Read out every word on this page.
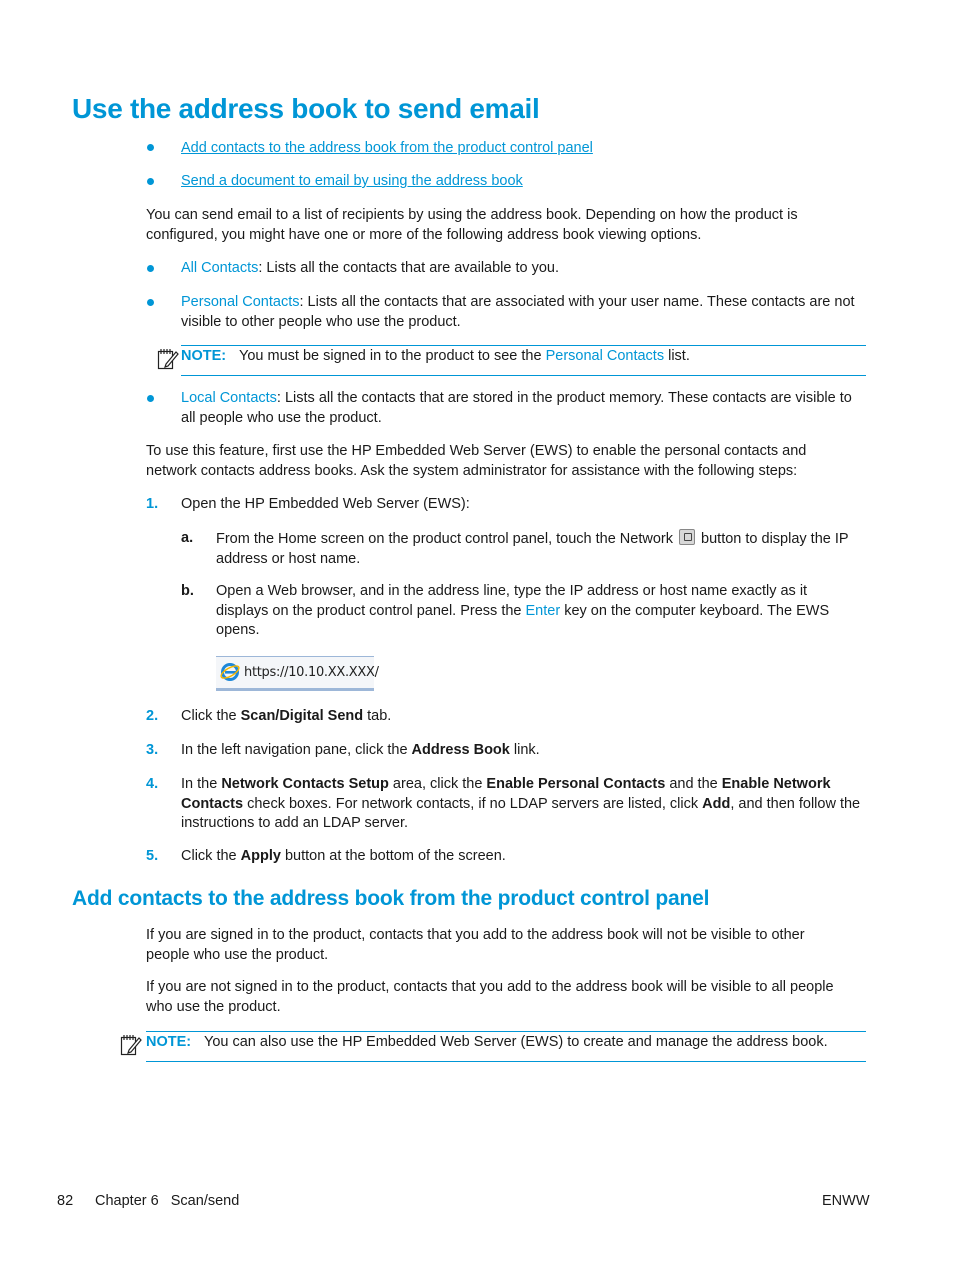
Use the address book to send email
Add contacts to the address book from the product control panel
Send a document to email by using the address book

You can send email to a list of recipients by using the address book. Depending on how the product is configured, you might have one or more of the following address book viewing options.

All Contacts: Lists all the contacts that are available to you.

Personal Contacts: Lists all the contacts that are associated with your user name. These contacts are not visible to other people who use the product.

NOTE: You must be signed in to the product to see the Personal Contacts list.

Local Contacts: Lists all the contacts that are stored in the product memory. These contacts are visible to all people who use the product.

To use this feature, first use the HP Embedded Web Server (EWS) to enable the personal contacts and network contacts address books. Ask the system administrator for assistance with the following steps:

1. Open the HP Embedded Web Server (EWS):

a. From the Home screen on the product control panel, touch the Network button to display the IP address or host name.

b. Open a Web browser, and in the address line, type the IP address or host name exactly as it displays on the product control panel. Press the Enter key on the computer keyboard. The EWS opens.

https://10.10.XX.XXX/
2. Click the Scan/Digital Send tab.

3. In the left navigation pane, click the Address Book link.

4. In the Network Contacts Setup area, click the Enable Personal Contacts and the Enable Network Contacts check boxes. For network contacts, if no LDAP servers are listed, click Add, and then follow the instructions to add an LDAP server.

5. Click the Apply button at the bottom of the screen.

Add contacts to the address book from the product control panel

If you are signed in to the product, contacts that you add to the address book will not be visible to other people who use the product.

If you are not signed in to the product, contacts that you add to the address book will be visible to all people who use the product.

NOTE: You can also use the HP Embedded Web Server (EWS) to create and manage the address book.
82 Chapter 6   Scan/send	ENWW
